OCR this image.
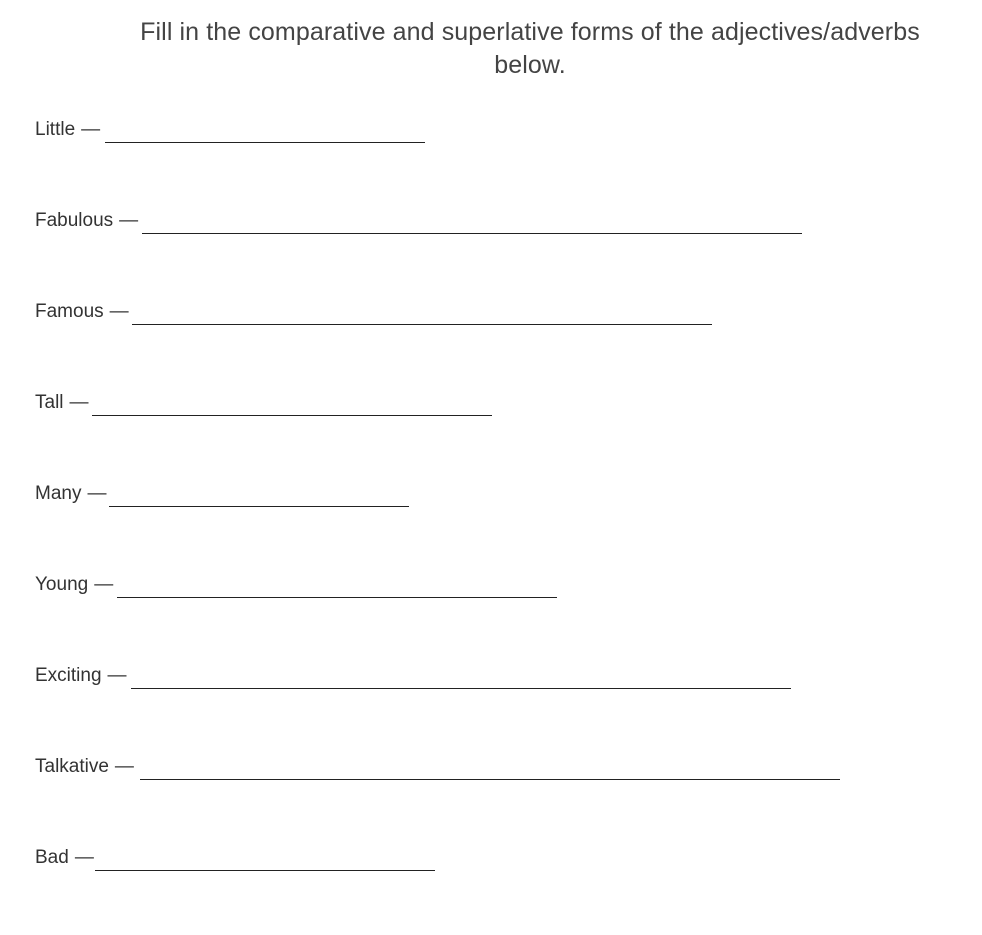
Fill in the comparative and superlative forms of the adjectives/adverbs below.
Little —
Fabulous —
Famous —
Tall —
Many —
Young —
Exciting —
Talkative —
Bad —
